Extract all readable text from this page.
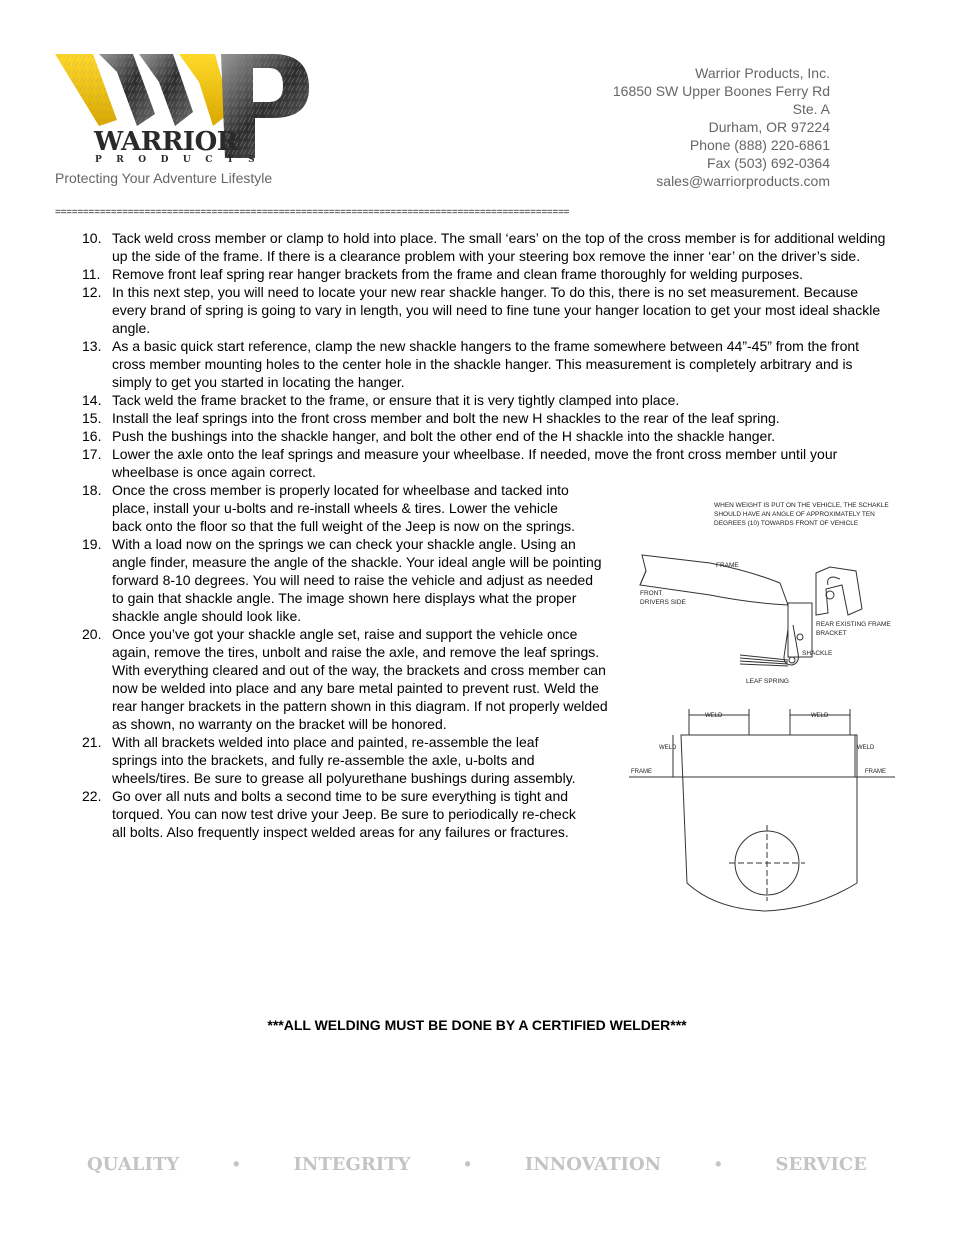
WARRIOR
PRODUCTS
Protecting Your Adventure Lifestyle
Warrior Products, Inc.
16850 SW Upper Boones Ferry Rd
Ste. A
Durham, OR 97224
Phone (888) 220-6861
Fax (503) 692-0364
sales@warriorproducts.com
============================================================================================
10. Tack weld cross member or clamp to hold into place. The small ‘ears’ on the top of the cross member is for additional welding up the side of the frame. If there is a clearance problem with your steering box remove the inner ‘ear’ on the driver’s side.
11. Remove front leaf spring rear hanger brackets from the frame and clean frame thoroughly for welding purposes.
12. In this next step, you will need to locate your new rear shackle hanger. To do this, there is no set measurement. Because every brand of spring is going to vary in length, you will need to fine tune your hanger location to get your most ideal shackle angle.
13. As a basic quick start reference, clamp the new shackle hangers to the frame somewhere between 44”-45” from the front cross member mounting holes to the center hole in the shackle hanger. This measurement is completely arbitrary and is simply to get you started in locating the hanger.
14. Tack weld the frame bracket to the frame, or ensure that it is very tightly clamped into place.
15. Install the leaf springs into the front cross member and bolt the new H shackles to the rear of the leaf spring.
16. Push the bushings into the shackle hanger, and bolt the other end of the H shackle into the shackle hanger.
17. Lower the axle onto the leaf springs and measure your wheelbase. If needed, move the front cross member until your wheelbase is once again correct.
18. Once the cross member is properly located for wheelbase and tacked into place, install your u-bolts and re-install wheels & tires. Lower the vehicle back onto the floor so that the full weight of the Jeep is now on the springs.
19. With a load now on the springs we can check your shackle angle. Using an angle finder, measure the angle of the shackle. Your ideal angle will be pointing forward 8-10 degrees. You will need to raise the vehicle and adjust as needed to gain that shackle angle. The image shown here displays what the proper shackle angle should look like.
20. Once you’ve got your shackle angle set, raise and support the vehicle once again, remove the tires, unbolt and raise the axle, and remove the leaf springs. With everything cleared and out of the way, the brackets and cross member can now be welded into place and any bare metal painted to prevent rust. Weld the rear hanger brackets in the pattern shown in this diagram. If not properly welded as shown, no warranty on the bracket will be honored.
21. With all brackets welded into place and painted, re-assemble the leaf springs into the brackets, and fully re-assemble the axle, u-bolts and wheels/tires. Be sure to grease all polyurethane bushings during assembly.
22. Go over all nuts and bolts a second time to be sure everything is tight and torqued. You can now test drive your Jeep. Be sure to periodically re-check all bolts. Also frequently inspect welded areas for any failures or fractures.
WHEN WEIGHT IS PUT ON THE VEHICLE, THE SCHAKLE
SHOULD HAVE AN ANGLE OF APPROXIMATELY TEN
DEGREES (10) TOWARDS FRONT OF VEHICLE
FRAME
FRONT
DRIVERS SIDE
REAR EXISTING FRAME
BRACKET
SHACKLE
LEAF SPRING
WELD	WELD
WELD	WELD
FRAME	FRAME
***ALL WELDING MUST BE DONE BY A CERTIFIED WELDER***
QUALITY	•	INTEGRITY	•	INNOVATION	•	SERVICE
